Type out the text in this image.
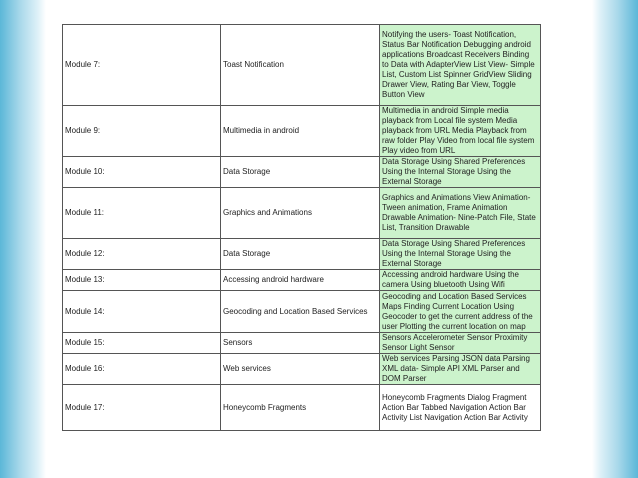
Module 7:	Toast Notification	Notifying the users- Toast Notification, Status Bar Notification Debugging android applications Broadcast Receivers Binding to Data with AdapterView List View- Simple List, Custom List Spinner GridView Sliding Drawer View, Rating Bar View, Toggle Button View
Module 9:	Multimedia in android	Multimedia in android Simple media playback from Local file system Media playback from URL Media Playback from raw folder Play Video from local file system Play video from URL
Module 10:	Data Storage	Data Storage Using Shared Preferences Using the Internal Storage Using the External Storage
Module 11:	Graphics and Animations	Graphics and Animations View Animation- Tween animation, Frame Animation Drawable Animation- Nine-Patch File, State List, Transition Drawable
Module 12:	Data Storage	Data Storage Using Shared Preferences Using the Internal Storage Using the External Storage
Module 13:	Accessing android hardware	Accessing android hardware Using the camera Using bluetooth Using Wifi
Module 14:	Geocoding and Location Based Services	Geocoding and Location Based Services Maps Finding Current Location Using Geocoder to get the current address of the user Plotting the current location on map
Module 15:	Sensors	Sensors Accelerometer Sensor Proximity Sensor Light Sensor
Module 16:	Web services	Web services Parsing JSON data Parsing XML data- Simple API XML Parser and DOM Parser
Module 17:	Honeycomb Fragments	Honeycomb Fragments Dialog Fragment Action Bar Tabbed Navigation Action Bar Activity List Navigation Action Bar Activity
